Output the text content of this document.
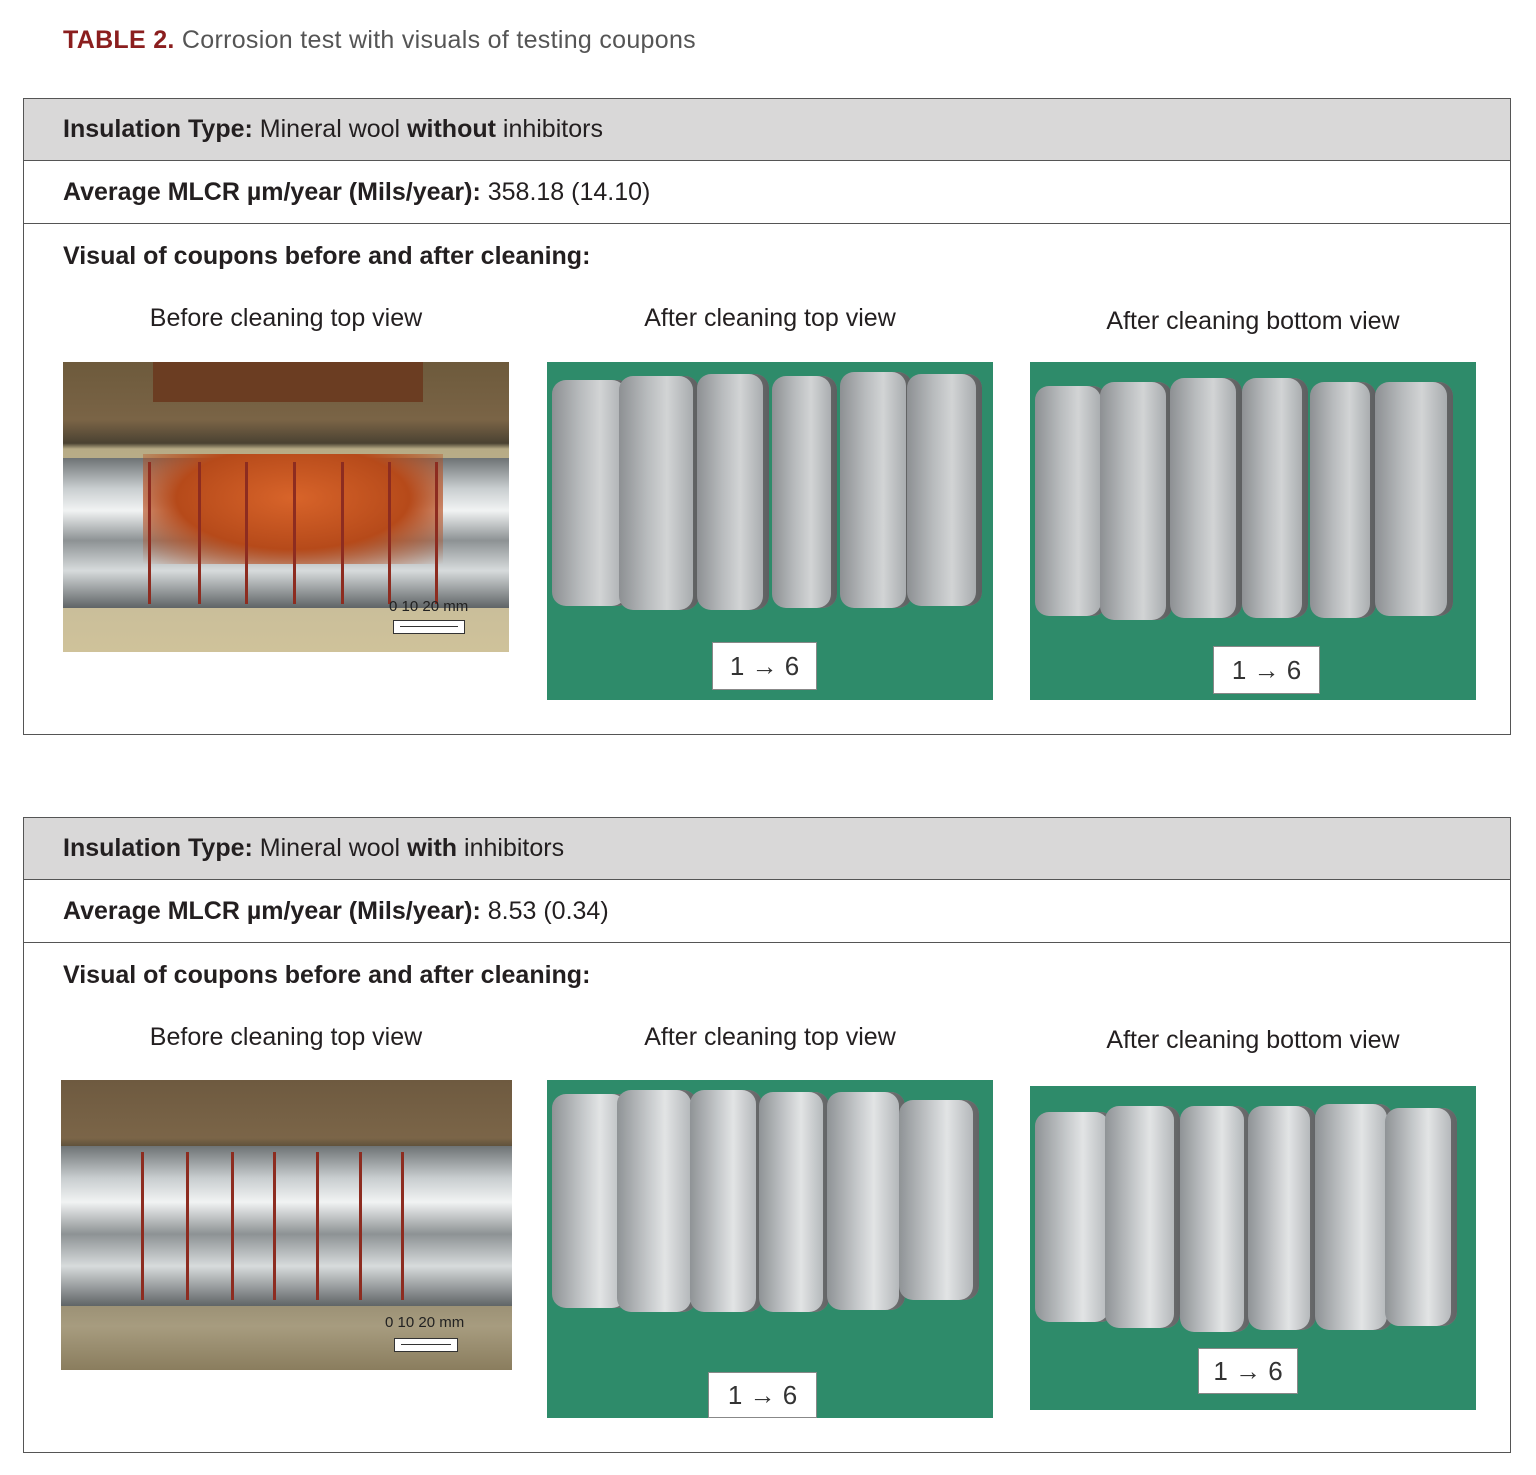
TABLE 2. Corrosion test with visuals of testing coupons
Insulation Type:
Mineral wool
without
inhibitors
Average MLCR µm/year (Mils/year):
358.18 (14.10)
Visual of coupons before and after cleaning:
Before cleaning top view	After cleaning top view	After cleaning bottom view
0 10 20 mm
1 → 6	1 → 6
Insulation Type:
Mineral wool
with
inhibitors
Average MLCR µm/year (Mils/year):
8.53 (0.34)
Visual of coupons before and after cleaning:
Before cleaning top view	After cleaning top view	After cleaning bottom view
0 10 20 mm
1 → 6
1 → 6
